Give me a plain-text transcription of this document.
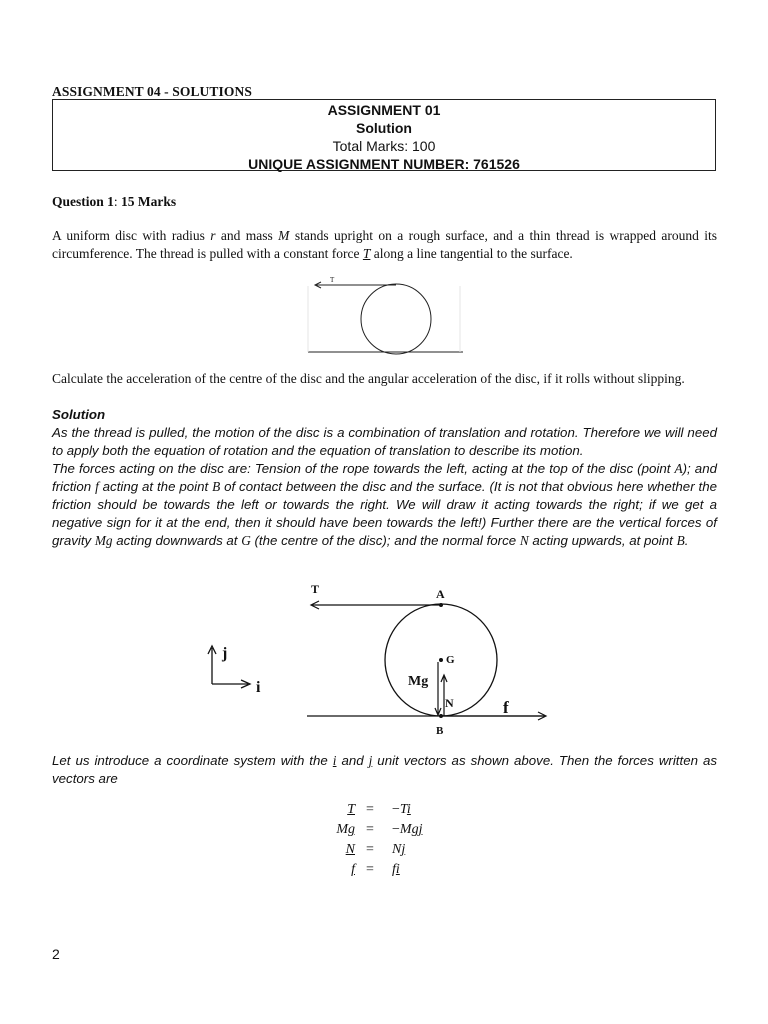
ASSIGNMENT 04 - SOLUTIONS
ASSIGNMENT 01
Solution
Total Marks: 100
UNIQUE ASSIGNMENT NUMBER: 761526
Question 1: 15 Marks
A uniform disc with radius r and mass M stands upright on a rough surface, and a thin thread is wrapped around its circumference. The thread is pulled with a constant force T along a line tangential to the surface.
T
Calculate the acceleration of the centre of the disc and the angular acceleration of the disc, if it rolls without slipping.
Solution
As the thread is pulled, the motion of the disc is a combination of translation and rotation. Therefore we will need to apply both the equation of rotation and the equation of translation to describe its motion.
The forces acting on the disc are: Tension of the rope towards the left, acting at the top of the disc (point A); and friction f acting at the point B of contact between the disc and the surface. (It is not that obvious here whether the friction should be towards the left or towards the right. We will draw it acting towards the right; if we get a negative sign for it at the end, then it should have been towards the left!) Further there are the vertical forces of gravity Mg acting downwards at G (the centre of the disc); and the normal force N acting upwards, at point B.
j
i
T	A
G
Mg
N	f
B
Let us introduce a coordinate system with the i and j unit vectors as shown above. Then the forces written as vectors are
T = −Ti
Mg = −Mgj
N = Nj
f = fi
2
